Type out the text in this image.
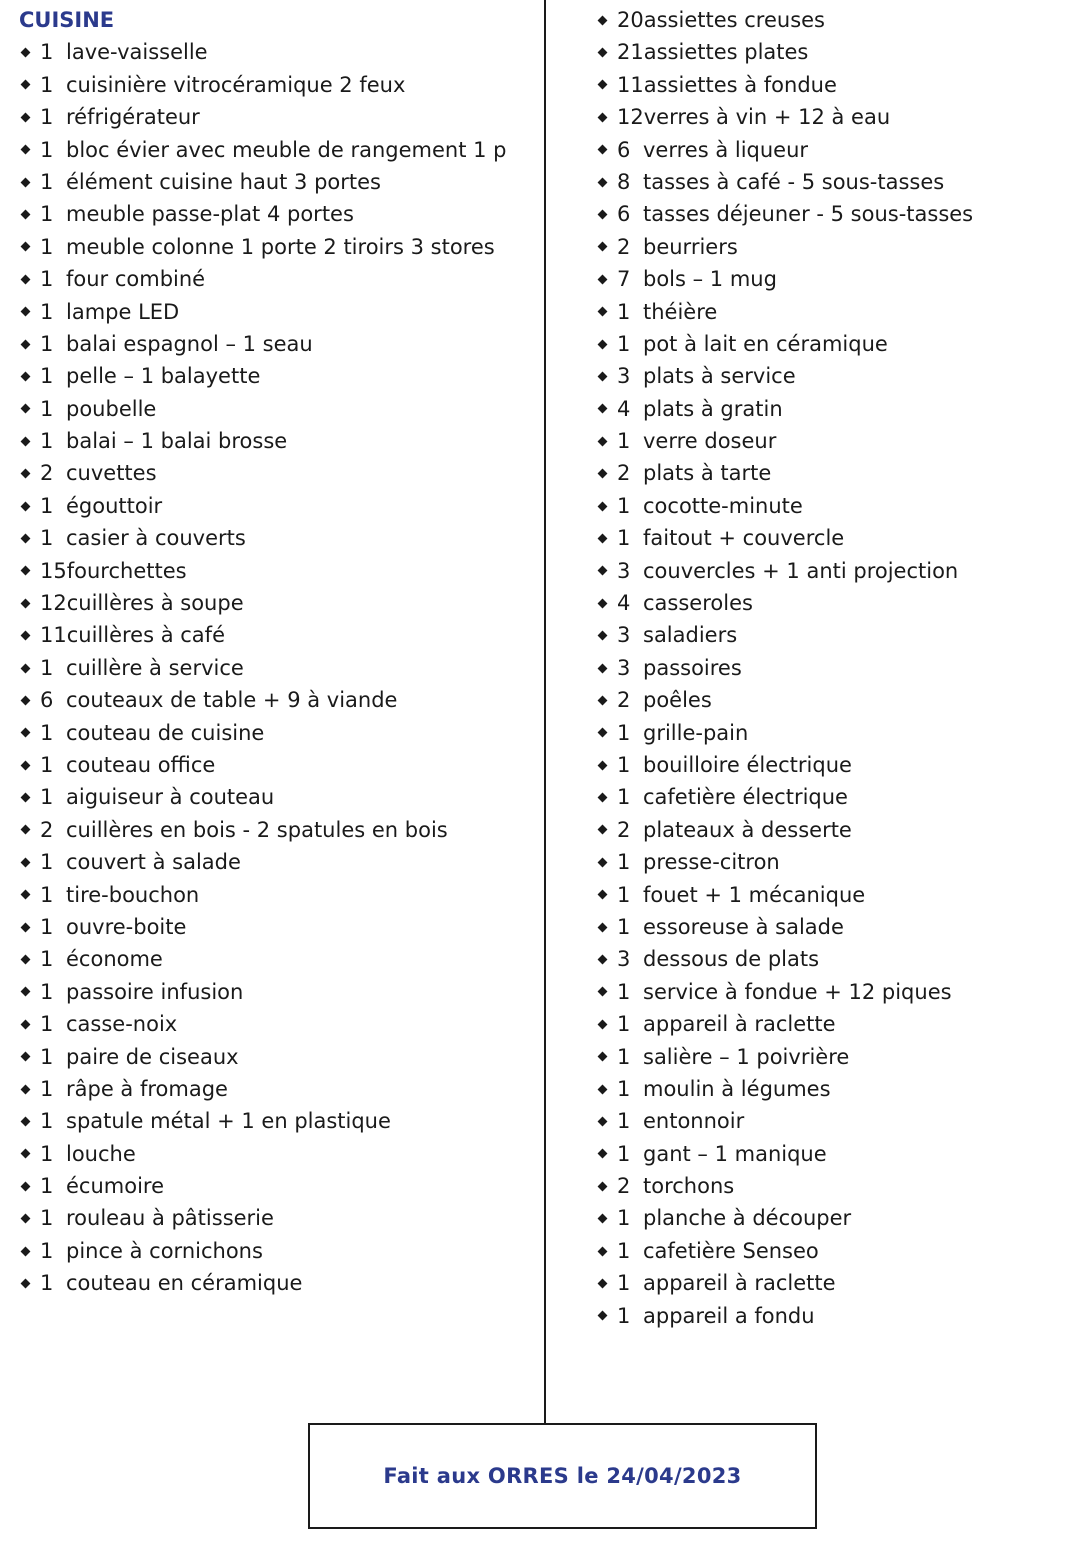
CUISINE
1 lave-vaisselle
1 cuisinière vitrocéramique 2 feux
1 réfrigérateur
1 bloc évier avec meuble de rangement 1 p
1 élément cuisine haut 3 portes
1 meuble passe-plat 4 portes
1 meuble colonne 1 porte 2 tiroirs 3 stores
1 four combiné
1 lampe LED
1 balai espagnol – 1 seau
1 pelle – 1 balayette
1 poubelle
1 balai – 1 balai brosse
2 cuvettes
1 égouttoir
1 casier à couverts
15 fourchettes
12 cuillères à soupe
11 cuillères à café
1 cuillère à service
6 couteaux de table + 9 à viande
1 couteau de cuisine
1 couteau office
1 aiguiseur à couteau
2 cuillères en bois - 2 spatules en bois
1 couvert à salade
1 tire-bouchon
1 ouvre-boite
1 économe
1 passoire infusion
1 casse-noix
1 paire de ciseaux
1 râpe à fromage
1 spatule métal + 1 en plastique
1 louche
1 écumoire
1 rouleau à pâtisserie
1 pince à cornichons
1 couteau en céramique
20 assiettes creuses
21 assiettes plates
11 assiettes à fondue
12 verres à vin + 12 à eau
6 verres à liqueur
8 tasses à café - 5 sous-tasses
6 tasses déjeuner - 5 sous-tasses
2 beurriers
7 bols – 1 mug
1 théière
1 pot à lait en céramique
3 plats à service
4 plats à gratin
1 verre doseur
2 plats à tarte
1 cocotte-minute
1 faitout + couvercle
3 couvercles + 1 anti projection
4 casseroles
3 saladiers
3 passoires
2 poêles
1 grille-pain
1 bouilloire électrique
1 cafetière électrique
2 plateaux à desserte
1 presse-citron
1 fouet + 1 mécanique
1 essoreuse à salade
3 dessous de plats
1 service à fondue + 12 piques
1 appareil à raclette
1 salière – 1 poivrière
1 moulin à légumes
1 entonnoir
1 gant – 1 manique
2 torchons
1 planche à découper
1 cafetière Senseo
1 appareil à raclette
1 appareil a fondu
Fait aux ORRES le 24/04/2023
